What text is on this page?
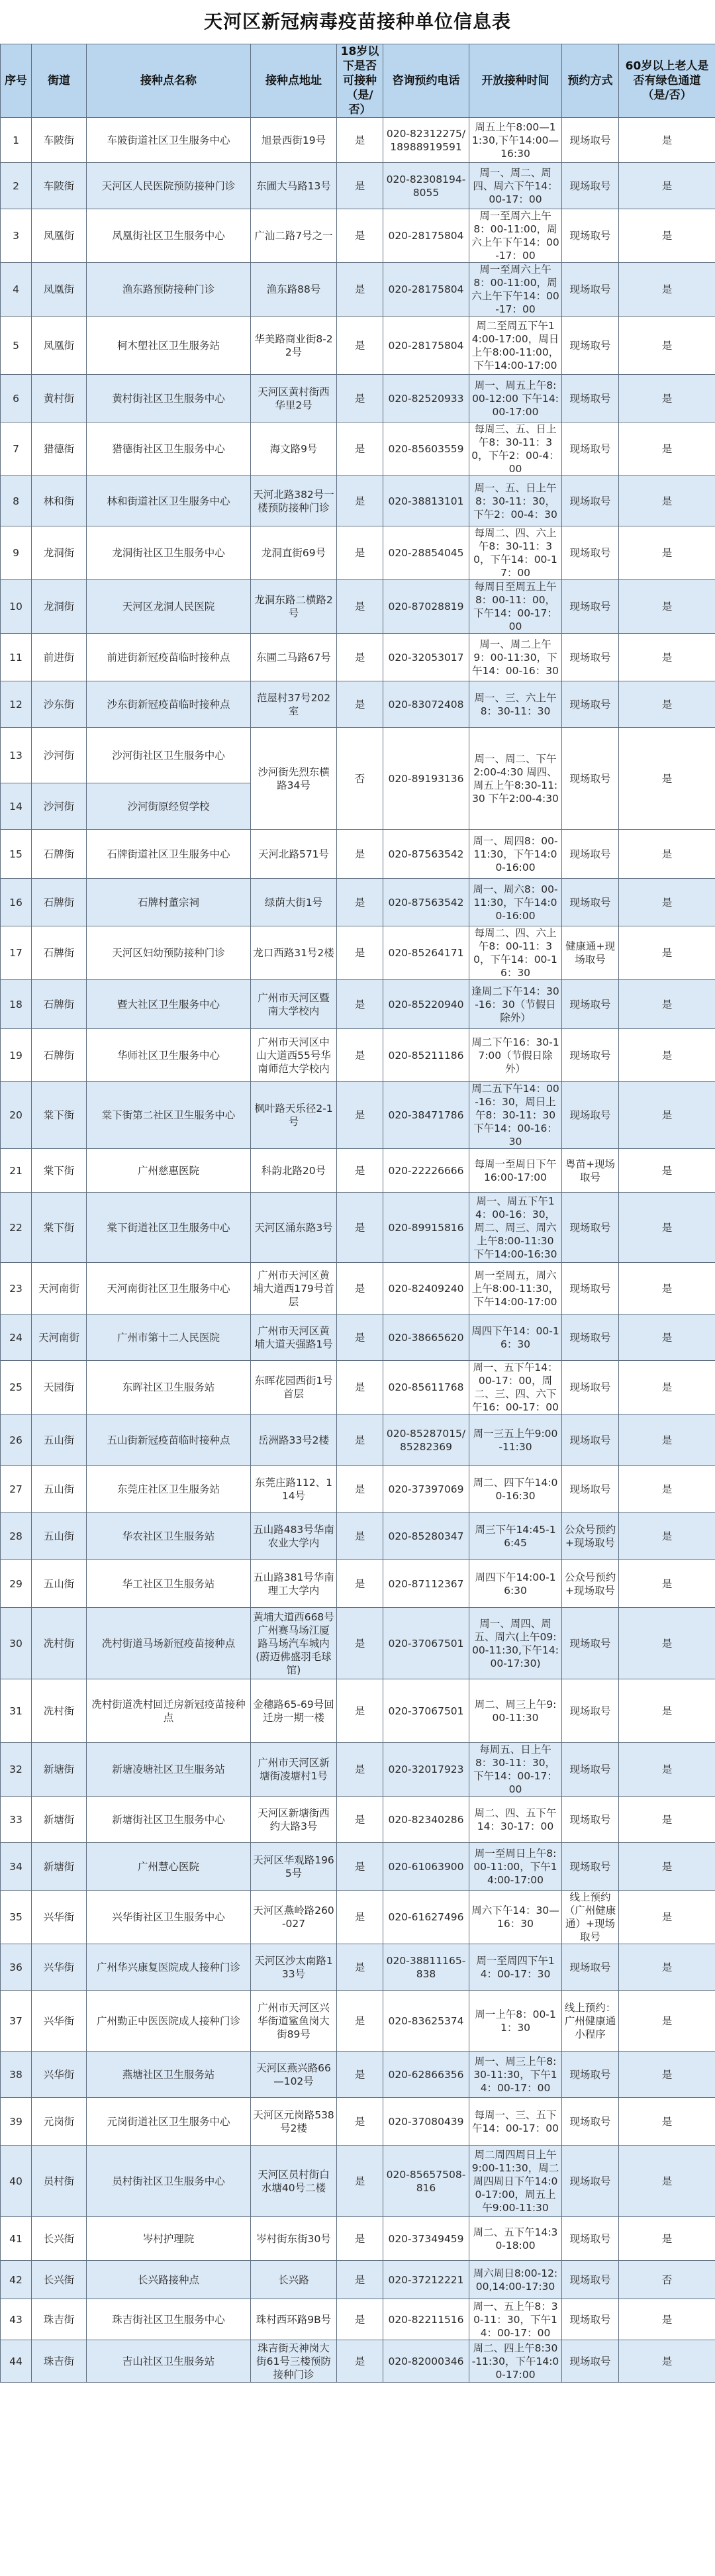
天河区新冠病毒疫苗接种单位信息表
序号	街道	接种点名称	接种点地址	18岁以下是否可接种（是/否）	咨询预约电话	开放接种时间	预约方式	60岁以上老人是否有绿色通道（是/否）
1	车陂街	车陂街道社区卫生服务中心	旭景西街19号	是	020-82312275/18988919591	周五上午8:00—11:30,下午14:00—16:30	现场取号	是
2	车陂街	天河区人民医院预防接种门诊	东圃大马路13号	是	020-82308194-8055	周一、周二、周四、周六下午14：00-17：00	现场取号	是
3	凤凰街	凤凰街社区卫生服务中心	广汕二路7号之一	是	020-28175804	周一至周六上午8：00-11:00，周六上午下午14：00-17：00	现场取号	是
4	凤凰街	渔东路预防接种门诊	渔东路88号	是	020-28175804	周一至周六上午8：00-11:00，周六上午下午14：00-17：00	现场取号	是
5	凤凰街	柯木塱社区卫生服务站	华美路商业街8-22号	是	020-28175804	周二至周五下午14:00-17:00，周日上午8:00-11:00，下午14:00-17:00	现场取号	是
6	黄村街	黄村街社区卫生服务中心	天河区黄村街西华里2号	是	020-82520933	周一、周五上午8:00-12:00 下午14:00-17:00	现场取号	是
7	猎德街	猎德街社区卫生服务中心	海文路9号	是	020-85603559	每周三、五、日上午8：30-11：30，下午2：00-4：00	现场取号	是
8	林和街	林和街道社区卫生服务中心	天河北路382号一楼预防接种门诊	是	020-38813101	周一、五、日上午8：30-11：30，下午2：00-4：30	现场取号	是
9	龙洞街	龙洞街社区卫生服务中心	龙洞直街69号	是	020-28854045	每周二、四、六上午8：30-11：30，下午14：00-17：00	现场取号	是
10	龙洞街	天河区龙洞人民医院	龙洞东路二横路2号	是	020-87028819	每周日至周五上午8：00-11：00，下午14：00-17：00	现场取号	是
11	前进街	前进街新冠疫苗临时接种点	东圃二马路67号	是	020-32053017	周一、周二上午9：00-11:30，下午14：00-16：30	现场取号	是
12	沙东街	沙东街新冠疫苗临时接种点	范屋村37号202室	是	020-83072408	周一、三、六上午8：30-11：30	现场取号	是
13	沙河街	沙河街社区卫生服务中心	沙河街先烈东横路34号	否	020-89193136	周一、周二、下午2:00-4:30 周四、周五上午8:30-11:30 下午2:00-4:30	现场取号	是
14	沙河街	沙河街原经贸学校						
15	石牌街	石牌街道社区卫生服务中心	天河北路571号	是	020-87563542	周一、周四8：00-11:30，下午14:00-16:00	现场取号	是
16	石牌街	石牌村董宗祠	绿荫大街1号	是	020-87563542	周一、周六8：00-11:30，下午14:00-16:00	现场取号	是
17	石牌街	天河区妇幼预防接种门诊	龙口西路31号2楼	是	020-85264171	每周二、四、六上午8：00-11：30，下午14：00-16：30	健康通+现场取号	是
18	石牌街	暨大社区卫生服务中心	广州市天河区暨南大学校内	是	020-85220940	逢周二下午14：30-16：30（节假日除外）	现场取号	是
19	石牌街	华师社区卫生服务中心	广州市天河区中山大道西55号华南师范大学校内	是	020-85211186	周二下午16：30-17:00（节假日除外）	现场取号	是
20	棠下街	棠下街第二社区卫生服务中心	枫叶路天乐径2-1号	是	020-38471786	周二五下午14：00-16：30，周日上午8：30-11：30下午14：00-16：30	现场取号	是
21	棠下街	广州慈惠医院	科韵北路20号	是	020-22226666	每周一至周日下午16:00-17:00	粤苗+现场取号	是
22	棠下街	棠下街道社区卫生服务中心	天河区涌东路3号	是	020-89915816	周一、周五下午14：00-16：30，周二、周三、周六上午8:00-11:30 下午14:00-16:30	现场取号	是
23	天河南街	天河南街社区卫生服务中心	广州市天河区黄埔大道西179号首层	是	020-82409240	周一至周五，周六上午8:00-11:30，下午14:00-17:00	现场取号	是
24	天河南街	广州市第十二人民医院	广州市天河区黄埔大道天强路1号	是	020-38665620	周四下午14：00-16：30	现场取号	是
25	天园街	东晖社区卫生服务站	东晖花园西街1号首层	是	020-85611768	周一、五下午14：00-17：00，周二、三、四、六下午16：00-17：00	现场取号	是
26	五山街	五山街新冠疫苗临时接种点	岳洲路33号2楼	是	020-85287015/85282369	周一三五上午9:00-11:30	现场取号	是
27	五山街	东莞庄社区卫生服务站	东莞庄路112、114号	是	020-37397069	周二、四下午14:00-16:30	现场取号	是
28	五山街	华农社区卫生服务站	五山路483号华南农业大学内	是	020-85280347	周三下午14:45-16:45	公众号预约+现场取号	是
29	五山街	华工社区卫生服务站	五山路381号华南理工大学内	是	020-87112367	周四下午14:00-16:30	公众号预约+现场取号	是
30	冼村街	冼村街道马场新冠疫苗接种点	黄埔大道西668号广州赛马场江厦路马场汽车城内(蔚迈佛盛羽毛球馆)	是	020-37067501	周一、周四、周五、周六(上午09:00-11:30,下午14:00-17:30)	现场取号	是
31	冼村街	冼村街道冼村回迁房新冠疫苗接种点	金穗路65-69号回迁房一期一楼	是	020-37067501	周二、周三上午9:00-11:30	现场取号	是
32	新塘街	新塘凌塘社区卫生服务站	广州市天河区新塘街凌塘村1号	是	020-32017923	每周五、日上午8：30-11：30，下午14：00-17：00	现场取号	是
33	新塘街	新塘街社区卫生服务中心	天河区新塘街西约大路3号	是	020-82340286	周二、四、五下午14：30-17：00	现场取号	是
34	新塘街	广州慧心医院	天河区华观路1965号	是	020-61063900	周一至周日上午8:00-11:00，下午14:00-17:00	现场取号	是
35	兴华街	兴华街社区卫生服务中心	天河区燕岭路260-027	是	020-61627496	周六下午14：30—16：30	线上预约（广州健康通）+现场取号	是
36	兴华街	广州华兴康复医院成人接种门诊	天河区沙太南路133号	是	020-38811165-838	周一至周四下午14：00-17：30	现场取号	是
37	兴华街	广州勤正中医医院成人接种门诊	广州市天河区兴华街道鲨鱼岗大街89号	是	020-83625374	周一上午8：00-11：30	线上预约：广州健康通小程序	是
38	兴华街	燕塘社区卫生服务站	天河区燕兴路66—102号	是	020-62866356	周一、周三上午8:30-11:30，下午14：00-17：00	现场取号	是
39	元岗街	元岗街道社区卫生服务中心	天河区元岗路538号2楼	是	020-37080439	每周一、三、五下午14：00-17：00	现场取号	是
40	员村街	员村街社区卫生服务中心	天河区员村街白水塘40号二楼	是	020-85657508-816	周二周四周日上午9:00-11:30，周二周四周日下午14:00-17:00，周五上午9:00-11:30	现场取号	是
41	长兴街	岑村护理院	岑村街东街30号	是	020-37349459	周二、五下午14:30-18:00	现场取号	是
42	长兴街	长兴路接种点	长兴路	是	020-37212221	周六周日8:00-12:00,14:00-17:30	现场取号	否
43	珠吉街	珠吉街社区卫生服务中心	珠村西环路9B号	是	020-82211516	周一、五上午8：30-11：30，下午14：00-17：00	现场取号	是
44	珠吉街	吉山社区卫生服务站	珠吉街天神岗大街61号三楼预防接种门诊	是	020-82000346	周二、四上午8:30-11:30，下午14:00-17:00	现场取号	是
